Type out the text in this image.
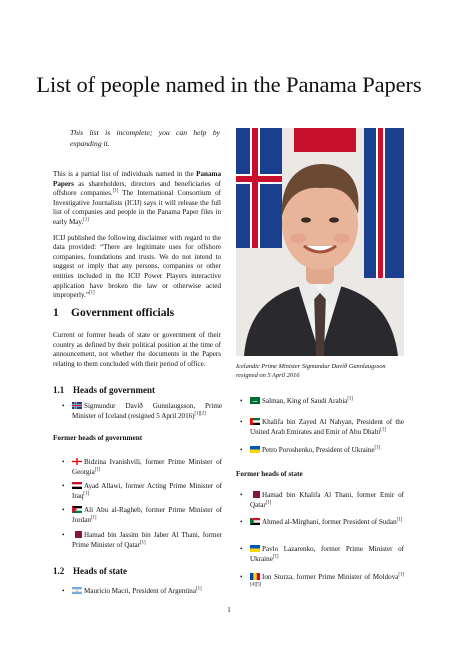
List of people named in the Panama Papers
This list is incomplete; you can help by expanding it.

This is a partial list of individuals named in the Panama Papers as shareholders, directors and beneficiaries of offshore companies.[1] The International Consortium of Investigative Journalists (ICIJ) says it will release the full list of companies and people in the Panama Paper files in early May.[1]

ICIJ published the following disclaimer with regard to the data provided: “There are legitimate uses for offshore companies, foundations and trusts. We do not intend to suggest or imply that any persons, companies or other entities included in the ICIJ Power Players interactive application have broken the law or otherwise acted improperly.”[1]

1 Government officials

Current or former heads of state or government of their country as defined by their political position at the time of announcement, not whether the documents in the Papers relating to them concluded with their period of office.

1.1 Heads of government
•	Sigmundur Davíð Gunnlaugsson, Prime Minister of Iceland (resigned 5 April 2016)[1][2]
Former heads of government
•	Bidzina Ivanishvili, former Prime Minister of Georgia[1]
•	Ayad Allawi, former Acting Prime Minister of Iraq[1]
•	Ali Abu al-Ragheb, former Prime Minister of Jordan[1]
•	Hamad bin Jassim bin Jaber Al Thani, former Prime Minister of Qatar[1]
1.2 Heads of state
•	Mauricio Macri, President of Argentina[1]
Icelandic Prime Minister Sigmundur Davíð Gunnlaugsson resigned on 5 April 2016
•	Salman, King of Saudi Arabia[1]
•	Khalifa bin Zayed Al Nahyan, President of the United Arab Emirates and Emir of Abu Dhabi[1]
•	Petro Poroshenko, President of Ukraine[1]
Former heads of state
•	Hamad bin Khalifa Al Thani, former Emir of Qatar[1]
•	Ahmed al-Mirghani, former President of Sudan[1]
•	Pavlo Lazarenko, former Prime Minister of Ukraine[1]
•	Ion Sturza, former Prime Minister of Moldova[1][4][5]
1
